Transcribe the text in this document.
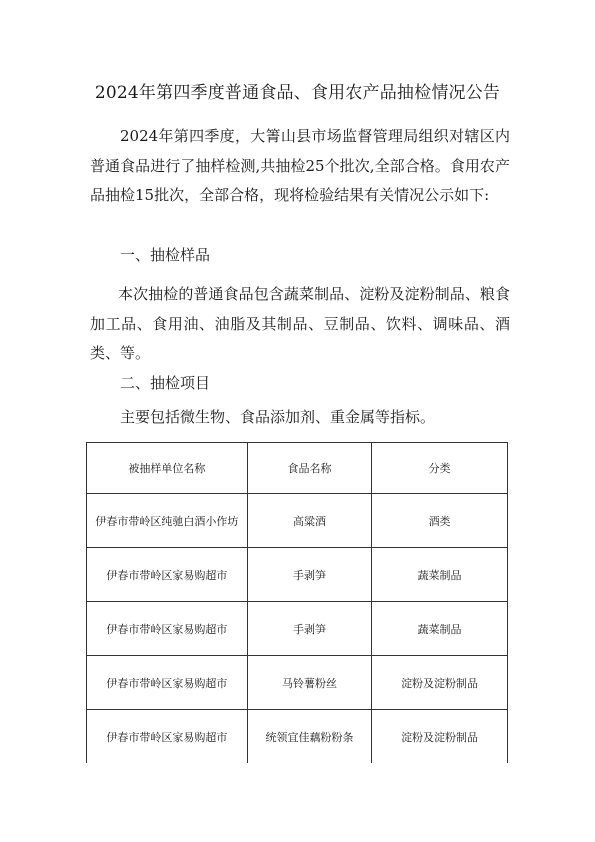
2024年第四季度普通食品、食用农产品抽检情况公告
2024年第四季度，大箐山县市场监督管理局组织对辖区内普通食品进行了抽样检测,共抽检25个批次,全部合格。食用农产品抽检15批次，全部合格，现将检验结果有关情况公示如下:
一、抽检样品
本次抽检的普通食品包含蔬菜制品、淀粉及淀粉制品、粮食加工品、食用油、油脂及其制品、豆制品、饮料、调味品、酒类、等。
二、抽检项目
主要包括微生物、食品添加剂、重金属等指标。
被抽样单位名称	食品名称	分类
伊春市带岭区纯驰白酒小作坊	高粱酒	酒类
伊春市带岭区家易购超市	手剥笋	蔬菜制品
伊春市带岭区家易购超市	手剥笋	蔬菜制品
伊春市带岭区家易购超市	马铃薯粉丝	淀粉及淀粉制品
伊春市带岭区家易购超市	统领宜佳藕粉粉条	淀粉及淀粉制品
